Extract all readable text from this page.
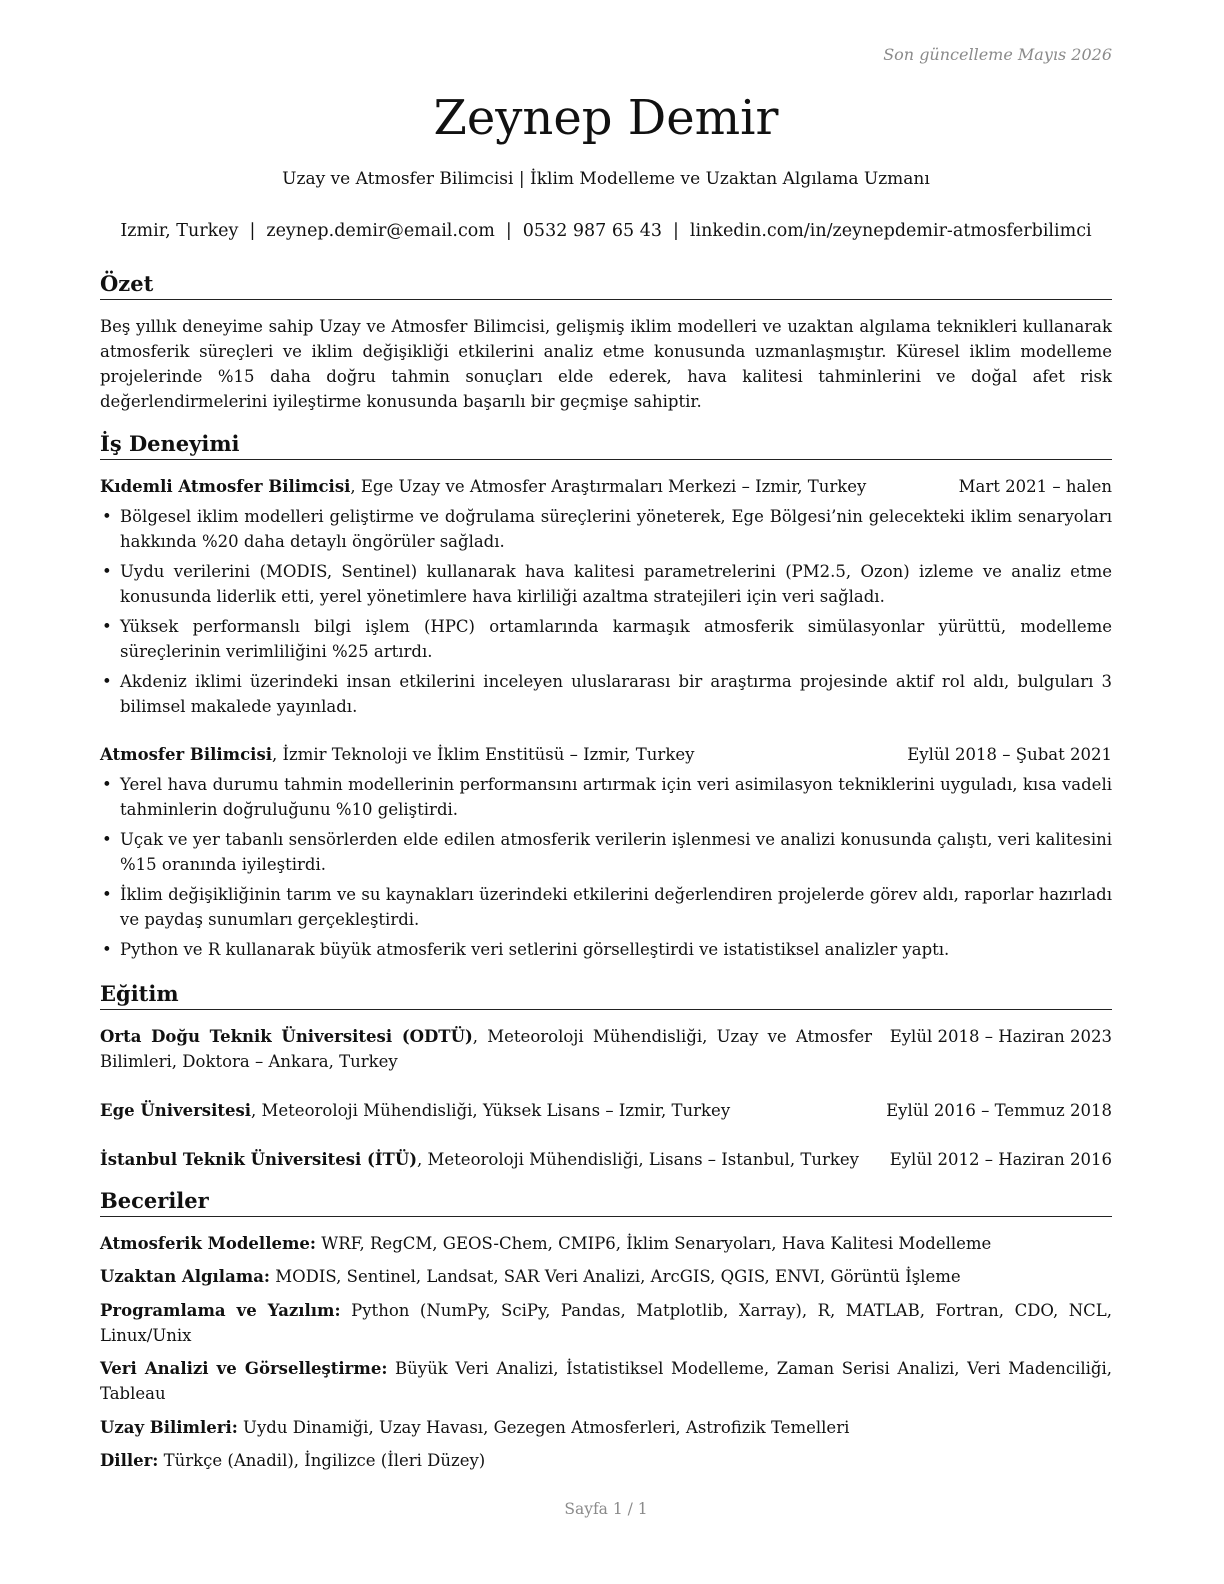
Son güncelleme Mayıs 2026
Zeynep Demir
Uzay ve Atmosfer Bilimcisi | İklim Modelleme ve Uzaktan Algılama Uzmanı
Izmir, Turkey | zeynep.demir@email.com | 0532 987 65 43 | linkedin.com/in/zeynepdemir-atmosferbilimci
Özet
Beş yıllık deneyime sahip Uzay ve Atmosfer Bilimcisi, gelişmiş iklim modelleri ve uzaktan algılama teknikleri kullanarak atmosferik süreçleri ve iklim değişikliği etkilerini analiz etme konusunda uzmanlaşmıştır. Küresel iklim modelleme projelerinde %15 daha doğru tahmin sonuçları elde ederek, hava kalitesi tahminlerini ve doğal afet risk değerlendirmelerini iyileştirme konusunda başarılı bir geçmişe sahiptir.
İş Deneyimi
Kıdemli Atmosfer Bilimcisi, Ege Uzay ve Atmosfer Araştırmaları Merkezi – Izmir, Turkey	Mart 2021 – halen
• Bölgesel iklim modelleri geliştirme ve doğrulama süreçlerini yöneterek, Ege Bölgesi’nin gelecekteki iklim senaryoları hakkında %20 daha detaylı öngörüler sağladı.
• Uydu verilerini (MODIS, Sentinel) kullanarak hava kalitesi parametrelerini (PM2.5, Ozon) izleme ve analiz etme konusunda liderlik etti, yerel yönetimlere hava kirliliği azaltma stratejileri için veri sağladı.
• Yüksek performanslı bilgi işlem (HPC) ortamlarında karmaşık atmosferik simülasyonlar yürüttü, modelleme süreçlerinin verimliliğini %25 artırdı.
• Akdeniz iklimi üzerindeki insan etkilerini inceleyen uluslararası bir araştırma projesinde aktif rol aldı, bulguları 3 bilimsel makalede yayınladı.
Atmosfer Bilimcisi, İzmir Teknoloji ve İklim Enstitüsü – Izmir, Turkey	Eylül 2018 – Şubat 2021
• Yerel hava durumu tahmin modellerinin performansını artırmak için veri asimilasyon tekniklerini uyguladı, kısa vadeli tahminlerin doğruluğunu %10 geliştirdi.
• Uçak ve yer tabanlı sensörlerden elde edilen atmosferik verilerin işlenmesi ve analizi konusunda çalıştı, veri kalitesini %15 oranında iyileştirdi.
• İklim değişikliğinin tarım ve su kaynakları üzerindeki etkilerini değerlendiren projelerde görev aldı, raporlar hazırladı ve paydaş sunumları gerçekleştirdi.
• Python ve R kullanarak büyük atmosferik veri setlerini görselleştirdi ve istatistiksel analizler yaptı.
Eğitim
Orta Doğu Teknik Üniversitesi (ODTÜ), Meteoroloji Mühendisliği, Uzay ve Atmosfer Bilimleri, Doktora – Ankara, Turkey
Eylül 2018 – Haziran 2023
Ege Üniversitesi, Meteoroloji Mühendisliği, Yüksek Lisans – Izmir, Turkey	Eylül 2016 – Temmuz 2018
İstanbul Teknik Üniversitesi (İTÜ), Meteoroloji Mühendisliği, Lisans – Istanbul, Turkey	Eylül 2012 – Haziran 2016
Beceriler
Atmosferik Modelleme: WRF, RegCM, GEOS-Chem, CMIP6, İklim Senaryoları, Hava Kalitesi Modelleme
Uzaktan Algılama: MODIS, Sentinel, Landsat, SAR Veri Analizi, ArcGIS, QGIS, ENVI, Görüntü İşleme
Programlama ve Yazılım: Python (NumPy, SciPy, Pandas, Matplotlib, Xarray), R, MATLAB, Fortran, CDO, NCL, Linux/Unix
Veri Analizi ve Görselleştirme: Büyük Veri Analizi, İstatistiksel Modelleme, Zaman Serisi Analizi, Veri Madenciliği, Tableau
Uzay Bilimleri: Uydu Dinamiği, Uzay Havası, Gezegen Atmosferleri, Astrofizik Temelleri
Diller: Türkçe (Anadil), İngilizce (İleri Düzey)
Sayfa 1 / 1
